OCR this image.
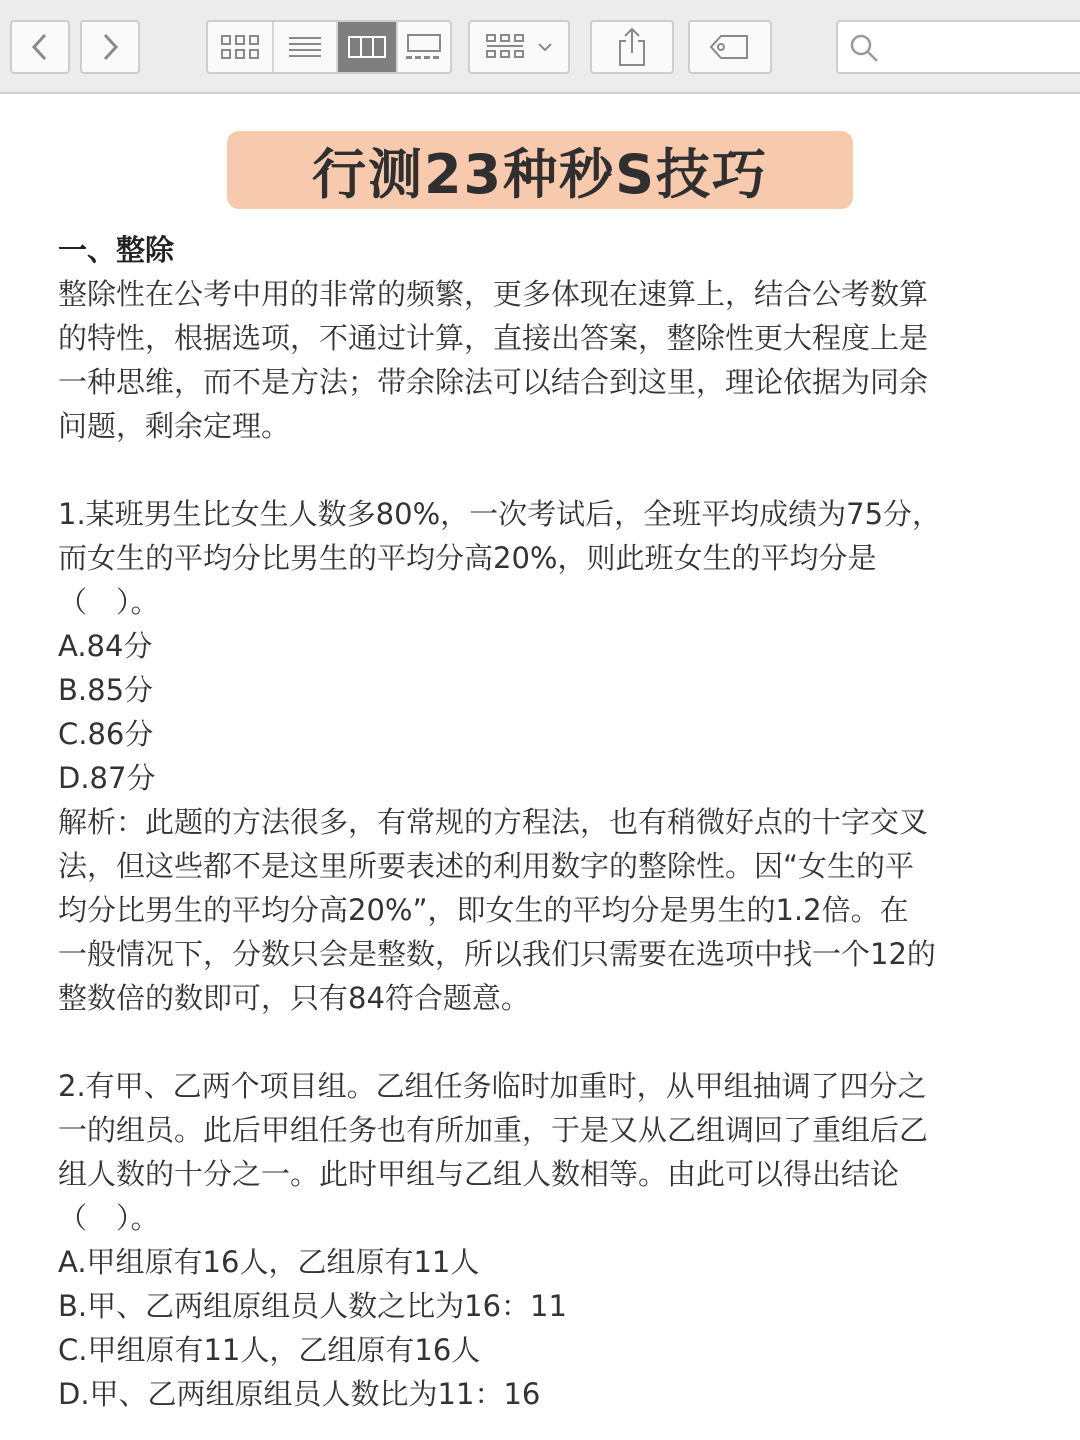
行测23种秒S技巧

一、整除

整除性在公考中用的非常的频繁，更多体现在速算上，结合公考数算

的特性，根据选项，不通过计算，直接出答案，整除性更大程度上是

一种思维，而不是方法；带余除法可以结合到这里，理论依据为同余

问题，剩余定理。

1.某班男生比女生人数多80%，一次考试后，全班平均成绩为75分，

而女生的平均分比男生的平均分高20%，则此班女生的平均分是

（　）。

A.84分

B.85分

C.86分

D.87分

解析：此题的方法很多，有常规的方程法，也有稍微好点的十字交叉

法，但这些都不是这里所要表述的利用数字的整除性。因“女生的平

均分比男生的平均分高20%”，即女生的平均分是男生的1.2倍。在

一般情况下，分数只会是整数，所以我们只需要在选项中找一个12的

整数倍的数即可，只有84符合题意。

2.有甲、乙两个项目组。乙组任务临时加重时，从甲组抽调了四分之

一的组员。此后甲组任务也有所加重，于是又从乙组调回了重组后乙

组人数的十分之一。此时甲组与乙组人数相等。由此可以得出结论

（　）。

A.甲组原有16人，乙组原有11人

B.甲、乙两组原组员人数之比为16：11

C.甲组原有11人，乙组原有16人

D.甲、乙两组原组员人数比为11：16
